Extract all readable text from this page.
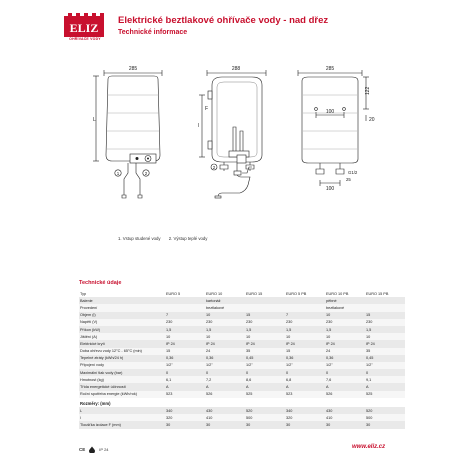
ELIZ
OHŘÍVAČE VODY
Elektrické beztlakové ohřívače vody - nad dřez
Technické informace
285
L
1	2
288
l
F
2
285
100
122
20
G1/2
100
25
1. Vstup studené vody 2. Výstup teplé vody
Technické údaje
Typ	EURO 5	EURO 10	EURO 15	EURO 5 PB	EURO 10 PB	EURO 15 PB
Balenie		kartonáž			pěbné	
Provedení		beztlakové			beztlakové	
Objem (l)	7	10	15	7	10	15
Napětí (V)	230	230	230	230	230	230
Příkon (kW)	1,5	1,5	1,5	1,5	1,5	1,5
Jištění (A)	10	10	10	10	10	10
Elektrické krytí	IP 24	IP 24	IP 24	IP 24	IP 24	IP 24
Doba ohřevu vody 12°C - 65°C (min)	15	24	35	15	24	35
Tepelné ztráty (kWh/24 h)	0,36	0,36	0,45	0,36	0,36	0,45
Připojení vody	1/2"	1/2"	1/2"	1/2"	1/2"	1/2"
Maximální tlak vody (bar)	0	0	0	0	0	0
Hmotnost (kg)	6,1	7,2	8,6	6,8	7,6	9,1
Třída energetické účinnosti	A	A	A	A	A	A
Roční spotřeba energie (kWh/rok)	523	526	525	523	526	525
Rozměry: (mm)						
L	340	430	520	340	430	520
l	320	410	500	320	410	500
Tloušťka izolace F (mm)	30	30	30	30	30	30
CE	IP 24	www.eliz.cz
